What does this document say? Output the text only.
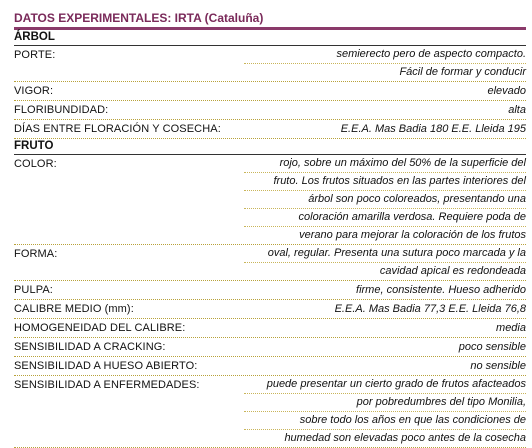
DATOS EXPERIMENTALES: IRTA (Cataluña)
ÁRBOL
PORTE:	semierecto pero de aspecto compacto.
Fácil de formar y conducir
VIGOR:	elevado
FLORIBUNDIDAD:	alta
DÍAS ENTRE FLORACIÓN Y COSECHA:	E.E.A. Mas Badia 180 E.E. Lleida 195
FRUTO
COLOR:	rojo, sobre un máximo del 50% de la superficie del
fruto. Los frutos situados en las partes interiores del
árbol son poco coloreados, presentando una
coloración amarilla verdosa. Requiere poda de
verano para mejorar la coloración de los frutos
FORMA:	oval, regular. Presenta una sutura poco marcada y la
cavidad apical es redondeada
PULPA:	firme, consistente. Hueso adherido
CALIBRE MEDIO (mm):	E.E.A. Mas Badia 77,3 E.E. Lleida 76,8
HOMOGENEIDAD DEL CALIBRE:	media
SENSIBILIDAD A CRACKING:	poco sensible
SENSIBILIDAD A HUESO ABIERTO:	no sensible
SENSIBILIDAD A ENFERMEDADES:	puede presentar un cierto grado de frutos afacteados
por pobredumbres del tipo Monilia,
sobre todo los años en que las condiciones de
humedad son elevadas poco antes de la cosecha
